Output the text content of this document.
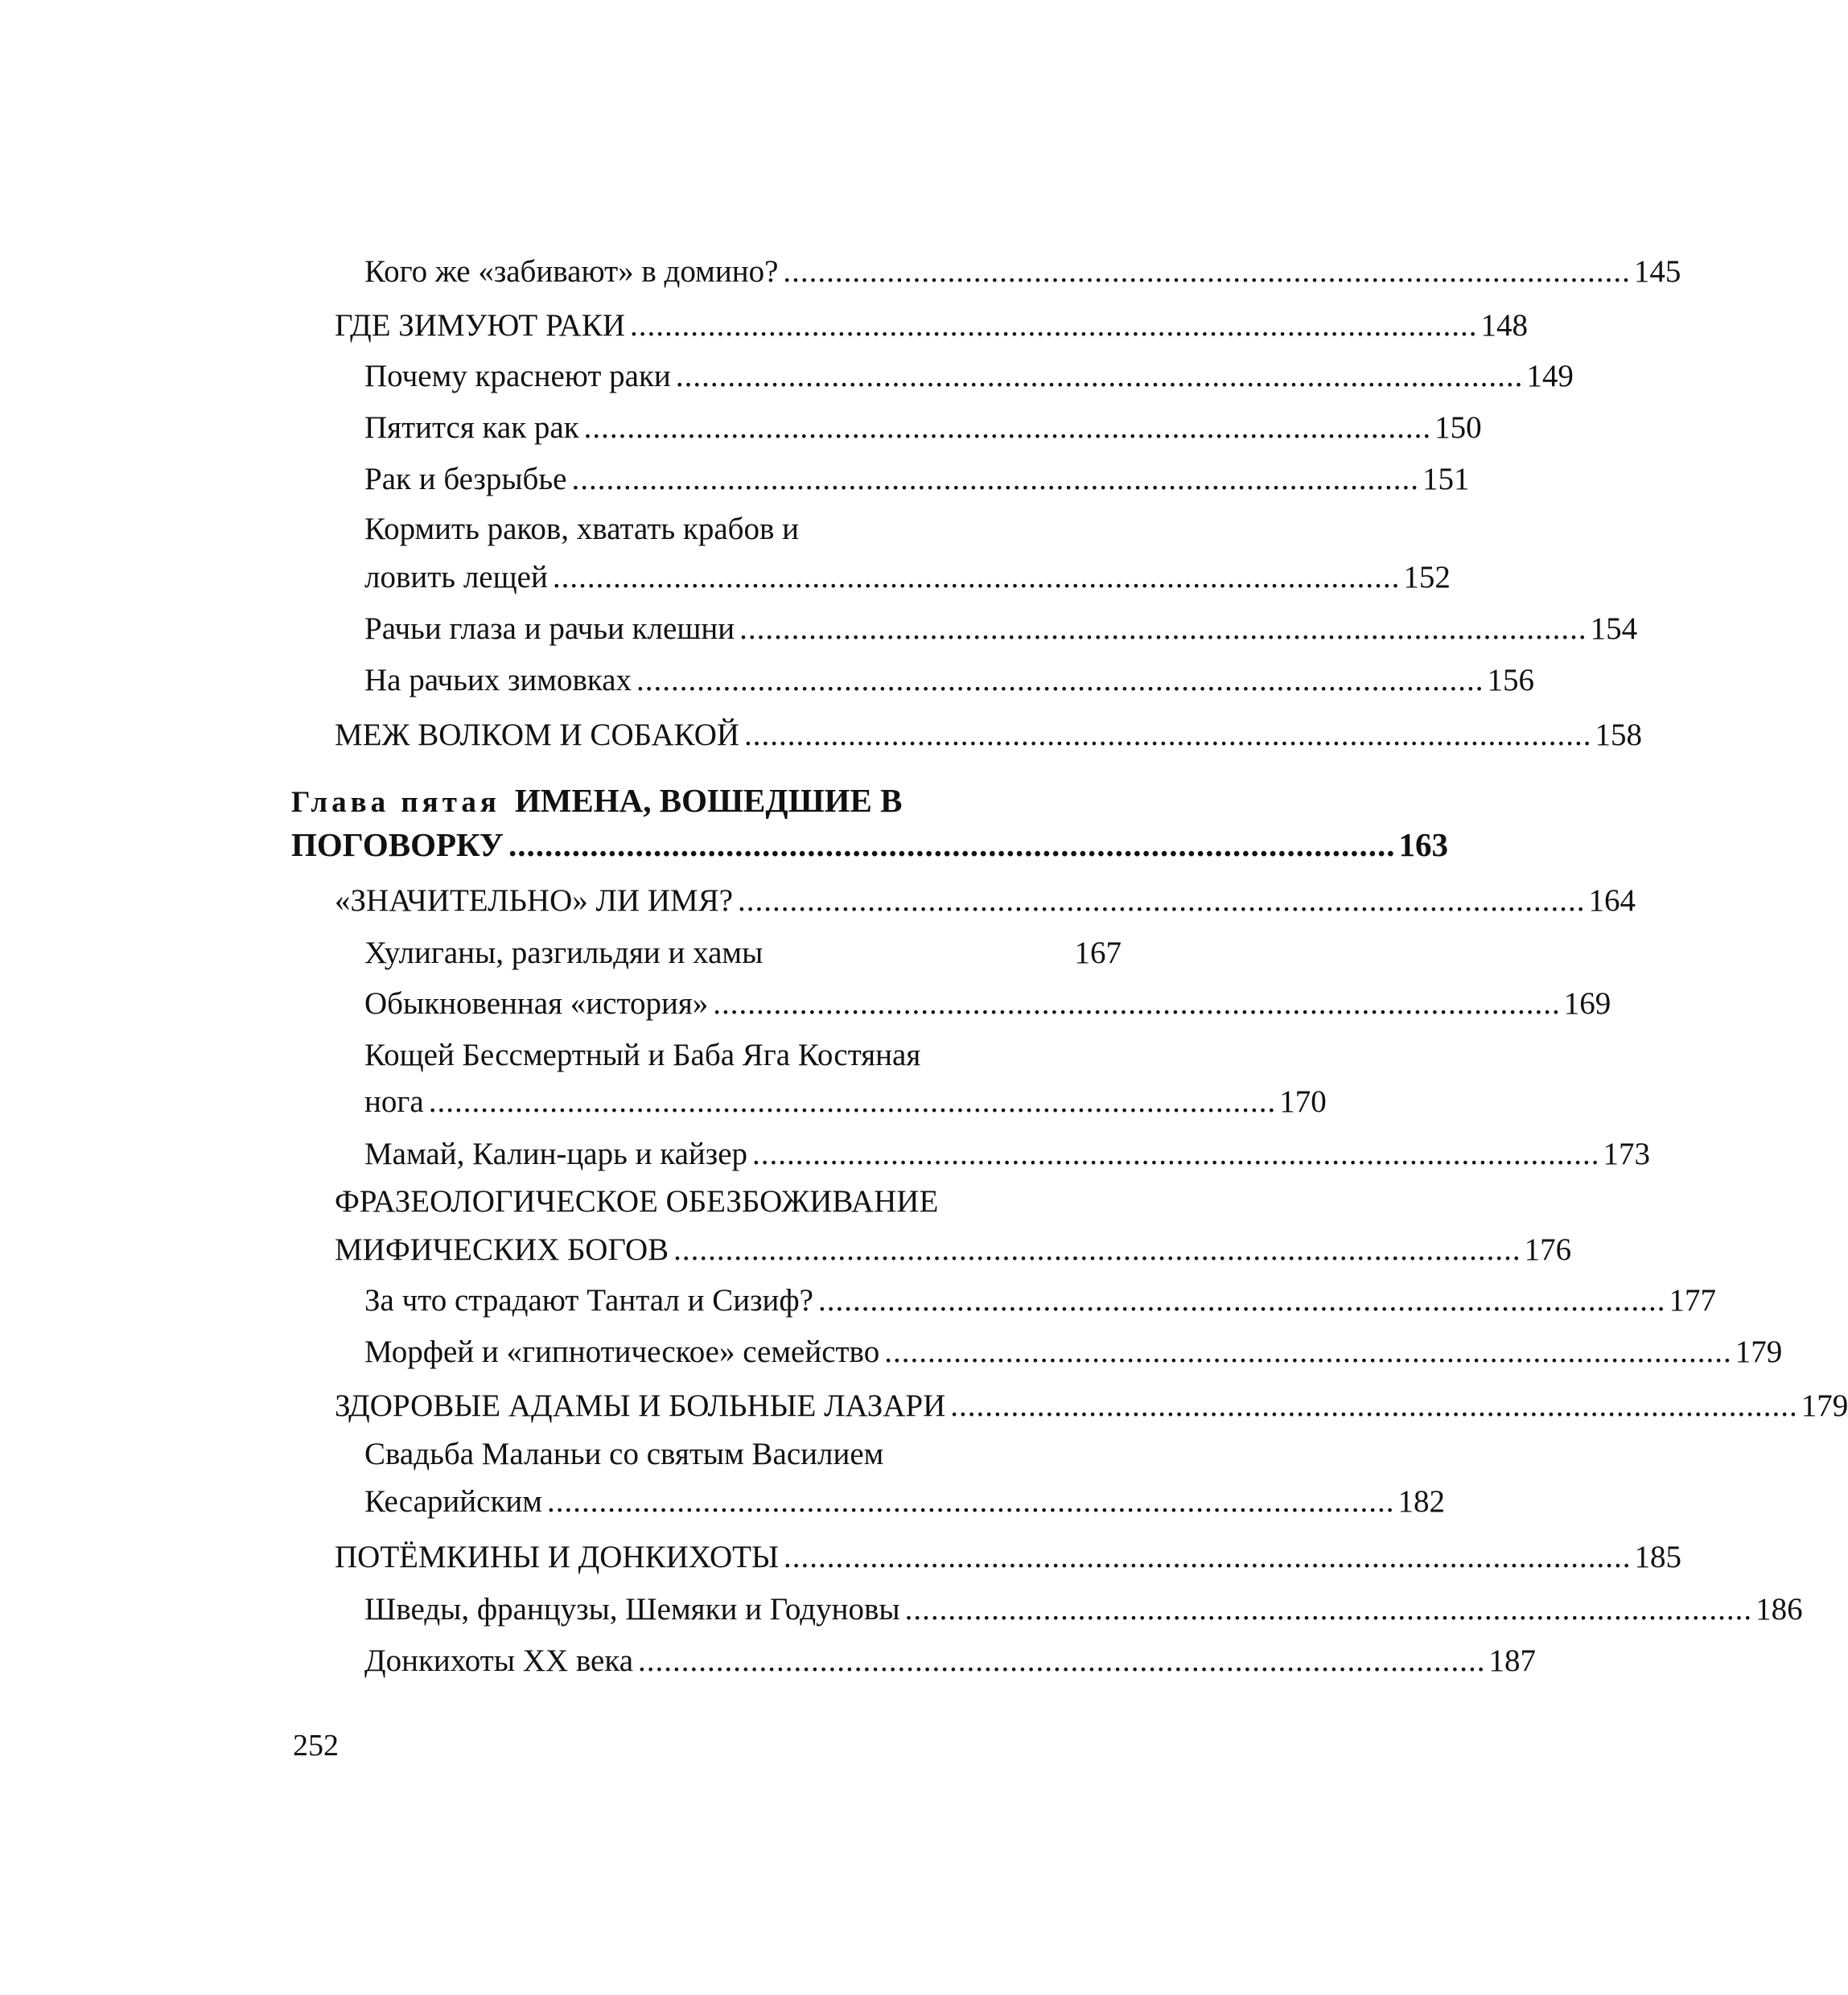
Кого же «забивают» в домино? .................................................................................................. 145
ГДЕ ЗИМУЮТ РАКИ .................................................................................................. 148
Почему краснеют раки .................................................................................................. 149
Пятится как рак .................................................................................................. 150
Рак и безрыбье .................................................................................................. 151
Кормить раков, хватать крабов и
ловить лещей .................................................................................................. 152
Рачьи глаза и рачьи клешни .................................................................................................. 154
На рачьих зимовках .................................................................................................. 156
МЕЖ ВОЛКОМ И СОБАКОЙ .................................................................................................. 158
Глава пятая ИМЕНА, ВОШЕДШИЕ В
ПОГОВОРКУ .................................................................................................. 163
«ЗНАЧИТЕЛЬНО» ЛИ ИМЯ? .................................................................................................. 164
Хулиганы, разгильдяи и хамы	167
Обыкновенная «история» .................................................................................................. 169
Кощей Бессмертный и Баба Яга Костяная
нога .................................................................................................. 170
Мамай, Калин-царь и кайзер .................................................................................................. 173
ФРАЗЕОЛОГИЧЕСКОЕ ОБЕЗБОЖИВАНИЕ
МИФИЧЕСКИХ БОГОВ .................................................................................................. 176
За что страдают Тантал и Сизиф? .................................................................................................. 177
Морфей и «гипнотическое» семейство .................................................................................................. 179
ЗДОРОВЫЕ АДАМЫ И БОЛЬНЫЕ ЛАЗАРИ .................................................................................................. 179
Свадьба Маланьи со святым Василием
Кесарийским .................................................................................................. 182
ПОТЁМКИНЫ И ДОНКИХОТЫ .................................................................................................. 185
Шведы, французы, Шемяки и Годуновы .................................................................................................. 186
Донкихоты XX века .................................................................................................. 187
252
